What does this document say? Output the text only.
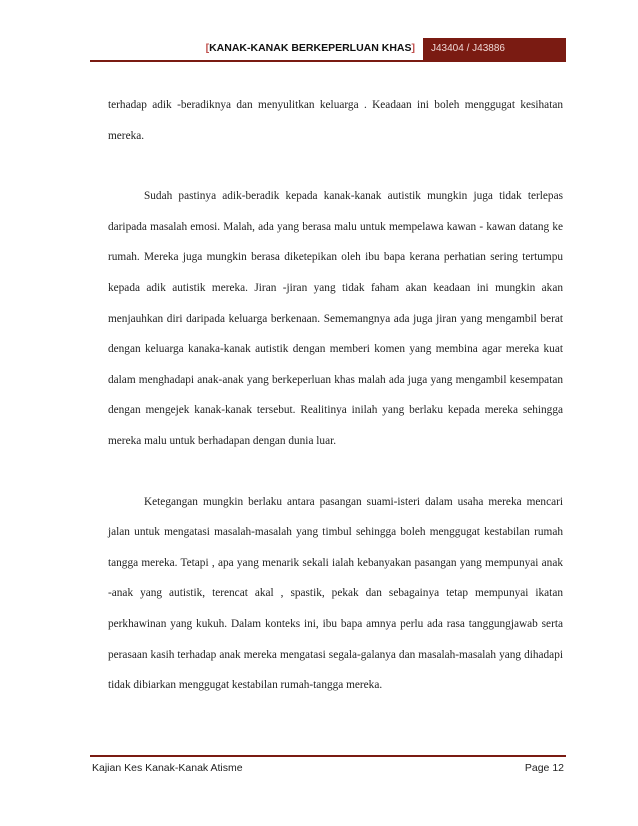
[KANAK-KANAK BERKEPERLUAN KHAS]	J43404 / J43886

terhadap adik -beradiknya dan menyulitkan keluarga . Keadaan ini boleh menggugat kesihatan mereka.

Sudah pastinya adik-beradik kepada kanak-kanak autistik mungkin juga tidak terlepas daripada masalah emosi. Malah, ada yang berasa malu untuk mempelawa kawan - kawan datang ke rumah. Mereka juga mungkin berasa diketepikan oleh ibu bapa kerana perhatian sering tertumpu kepada adik autistik mereka. Jiran -jiran yang tidak faham akan keadaan ini mungkin akan menjauhkan diri daripada keluarga berkenaan. Sememangnya ada juga jiran yang mengambil berat dengan keluarga kanaka-kanak autistik dengan memberi komen yang membina agar mereka kuat dalam menghadapi anak-anak yang berkeperluan khas malah ada juga yang mengambil kesempatan dengan mengejek kanak-kanak tersebut. Realitinya inilah yang berlaku kepada mereka sehingga mereka malu untuk berhadapan dengan dunia luar.

Ketegangan mungkin berlaku antara pasangan suami-isteri dalam usaha mereka mencari jalan untuk mengatasi masalah-masalah yang timbul sehingga boleh menggugat kestabilan rumah tangga mereka. Tetapi , apa yang menarik sekali ialah kebanyakan pasangan yang mempunyai anak -anak yang autistik, terencat akal , spastik, pekak dan sebagainya tetap mempunyai ikatan perkhawinan yang kukuh. Dalam konteks ini, ibu bapa amnya perlu ada rasa tanggungjawab serta perasaan kasih terhadap anak mereka mengatasi segala-galanya dan masalah-masalah yang dihadapi tidak dibiarkan menggugat kestabilan rumah-tangga mereka.

Kajian Kes Kanak-Kanak Atisme	Page 12
